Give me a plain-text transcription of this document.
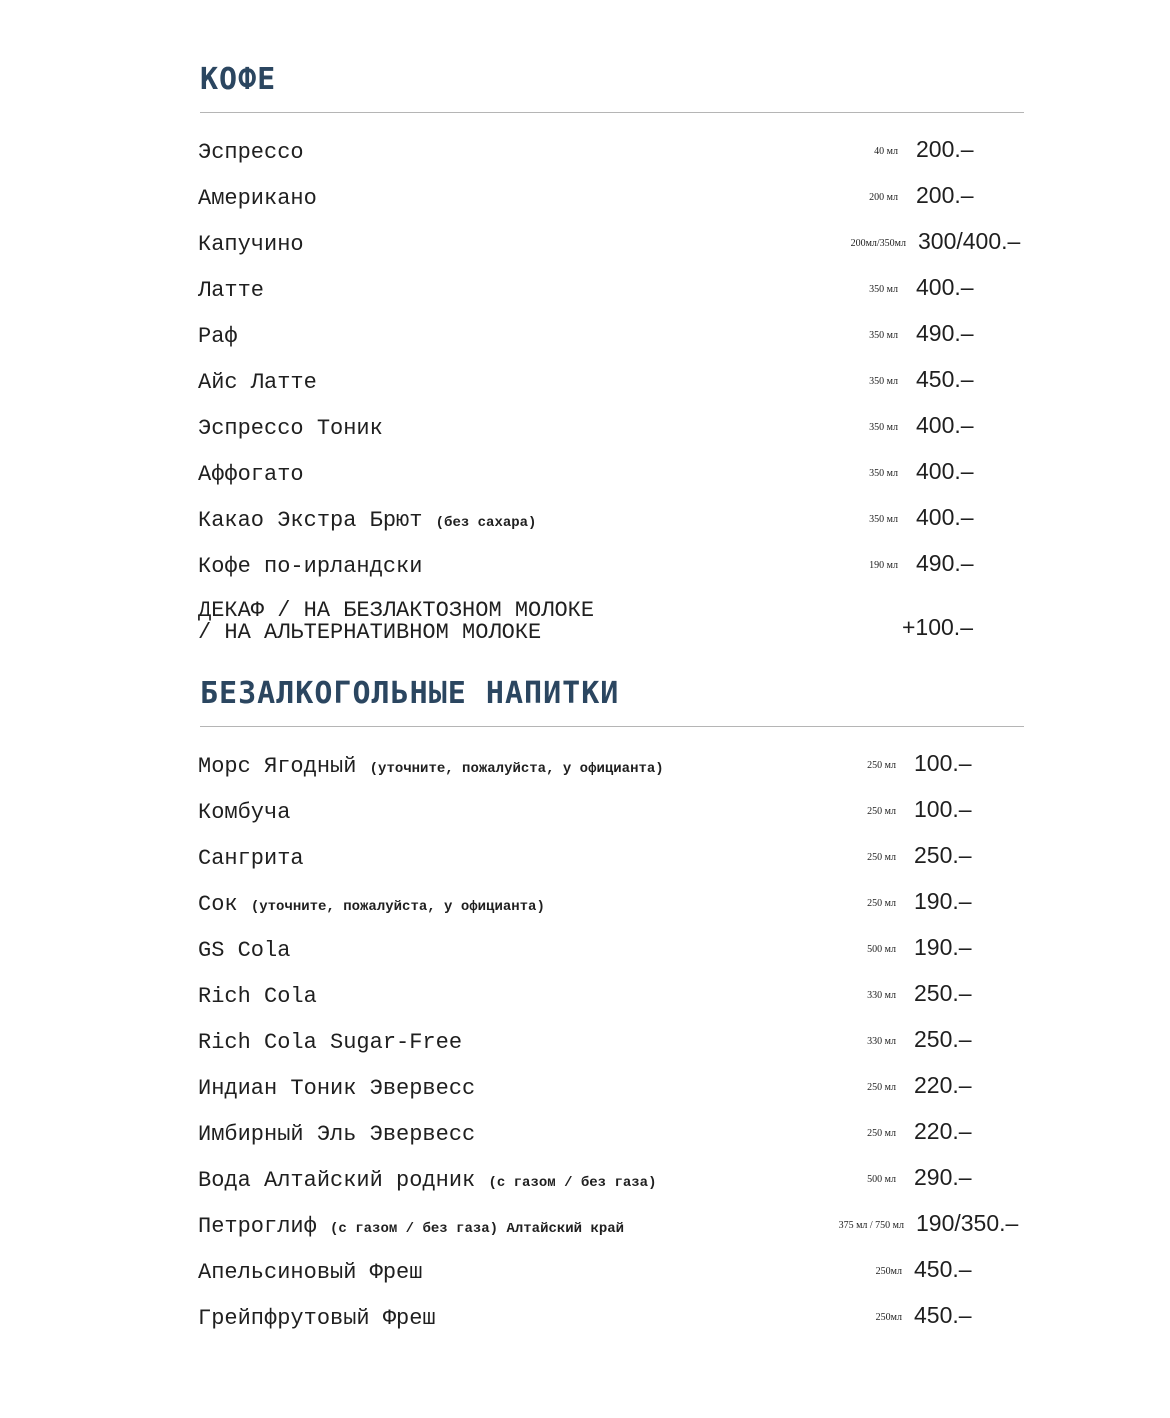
КОФЕ
Эспрессо	40 мл 200.–
Американо	200 мл 200.–
Капучино	200мл/350мл 300/400.–
Латте	350 мл 400.–
Раф	350 мл 490.–
Айс Латте	350 мл 450.–
Эспрессо Тоник	350 мл 400.–
Аффогато	350 мл 400.–
Какао Экстра Брют (без сахара)	350 мл 400.–
Кофе по-ирландски	190 мл 490.–
ДЕКАФ / НА БЕЗЛАКТОЗНОМ МОЛОКЕ
/ НА АЛЬТЕРНАТИВНОМ МОЛОКЕ	+100.–
БЕЗАЛКОГОЛЬНЫЕ НАПИТКИ
Морс Ягодный (уточните, пожалуйста, у официанта)	250 мл 100.–
Комбуча	250 мл 100.–
Сангрита	250 мл 250.–
Сок (уточните, пожалуйста, у официанта)	250 мл 190.–
GS Cola	500 мл 190.–
Rich Cola	330 мл 250.–
Rich Cola Sugar-Free	330 мл 250.–
Индиан Тоник Эвервесс	250 мл 220.–
Имбирный Эль Эвервесс	250 мл 220.–
Вода Алтайский родник (с газом / без газа)	500 мл 290.–
Петроглиф (с газом / без газа) Алтайский край	375 мл / 750 мл 190/350.–
Апельсиновый Фреш	250мл 450.–
Грейпфрутовый Фреш	250мл 450.–
